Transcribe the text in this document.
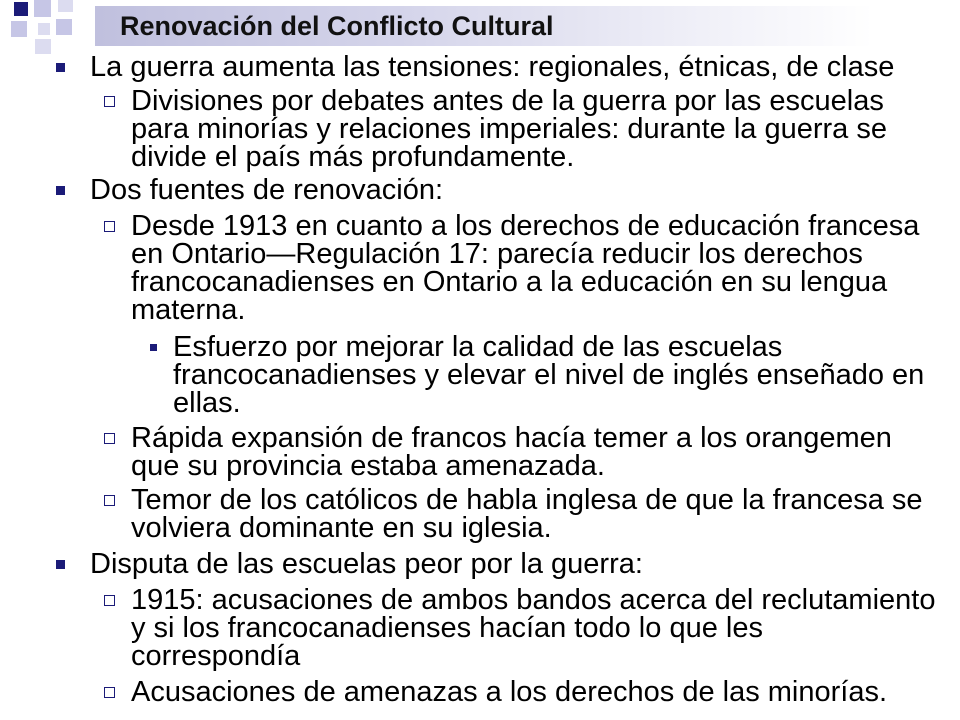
Renovación del Conflicto Cultural
La guerra aumenta las tensiones: regionales, étnicas, de clase
Divisiones por debates antes de la guerra por las escuelas
para minorías y relaciones imperiales: durante la guerra se
divide el país más profundamente.
Dos fuentes de renovación:
Desde 1913 en cuanto a los derechos de educación francesa
en Ontario—Regulación 17: parecía reducir los derechos
francocanadienses en Ontario a la educación en su lengua
materna.
Esfuerzo por mejorar la calidad de las escuelas
francocanadienses y elevar el nivel de inglés enseñado en
ellas.
Rápida expansión de francos hacía temer a los orangemen
que su provincia estaba amenazada.
Temor de los católicos de habla inglesa de que la francesa se
volviera dominante en su iglesia.
Disputa de las escuelas peor por la guerra:
1915: acusaciones de ambos bandos acerca del reclutamiento
y si los francocanadienses hacían todo lo que les
correspondía
Acusaciones de amenazas a los derechos de las minorías.
